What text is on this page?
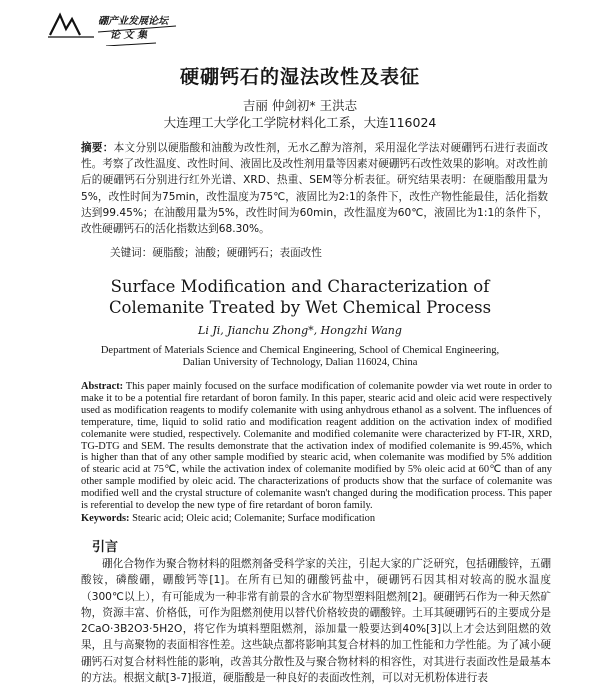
硼产业发展论坛
论 文 集
硬硼钙石的湿法改性及表征
吉丽 仲剑初* 王洪志
大连理工大学化工学院材料化工系，大连116024
摘要：本文分别以硬脂酸和油酸为改性剂，无水乙醇为溶剂，采用湿化学法对硬硼钙石进行表面改性。考察了改性温度、改性时间、液固比及改性剂用量等因素对硬硼钙石改性效果的影响。对改性前后的硬硼钙石分别进行红外光谱、XRD、热重、SEM等分析表征。研究结果表明：在硬脂酸用量为5%，改性时间为75min，改性温度为75℃，液固比为2:1的条件下，改性产物性能最佳，活化指数达到99.45%；在油酸用量为5%，改性时间为60min，改性温度为60℃，液固比为1:1的条件下，改性硬硼钙石的活化指数达到68.30%。
关键词：硬脂酸；油酸；硬硼钙石；表面改性
Surface Modification and Characterization of
Colemanite Treated by Wet Chemical Process
Li Ji, Jianchu Zhong*, Hongzhi Wang
Department of Materials Science and Chemical Engineering, School of Chemical Engineering,
Dalian University of Technology, Dalian 116024, China
Abstract: This paper mainly focused on the surface modification of colemanite powder via wet route in order to make it to be a potential fire retardant of boron family. In this paper, stearic acid and oleic acid were respectively used as modification reagents to modify colemanite with using anhydrous ethanol as a solvent. The influences of temperature, time, liquid to solid ratio and modification reagent addition on the activation index of modified colemanite were studied, respectively. Colemanite and modified colemanite were characterized by FT-IR, XRD, TG-DTG and SEM. The results demonstrate that the activation index of modified colemanite is 99.45%, which is higher than that of any other sample modified by stearic acid, when colemanite was modified by 5% addition of stearic acid at 75℃, while the activation index of colemanite modified by 5% oleic acid at 60℃ than of any other sample modified by oleic acid. The characterizations of products show that the surface of colemanite was modified well and the crystal structure of colemanite wasn't changed during the modification process. This paper is referential to develop the new type of fire retardant of boron family.
Keywords: Stearic acid; Oleic acid; Colemanite; Surface modification
引言
硼化合物作为聚合物材料的阻燃剂备受科学家的关注，引起大家的广泛研究，包括硼酸锌，五硼酸铵，磷酸硼，硼酸钙等[1]。在所有已知的硼酸钙盐中，硬硼钙石因其相对较高的脱水温度（300℃以上），有可能成为一种非常有前景的含水矿物型塑料阻燃剂[2]。硬硼钙石作为一种天然矿物，资源丰富、价格低，可作为阻燃剂使用以替代价格较贵的硼酸锌。土耳其硬硼钙石的主要成分是2CaO·3B2O3·5H2O，将它作为填料塑阻燃剂，添加量一般要达到40%[3]以上才会达到阻燃的效果，且与高聚物的表面相容性差。这些缺点都将影响其复合材料的加工性能和力学性能。为了减小硬硼钙石对复合材料性能的影响，改善其分散性及与聚合物材料的相容性，对其进行表面改性是最基本的方法。根据文献[3-7]报道，硬脂酸是一种良好的表面改性剂，可以对无机粉体进行表
